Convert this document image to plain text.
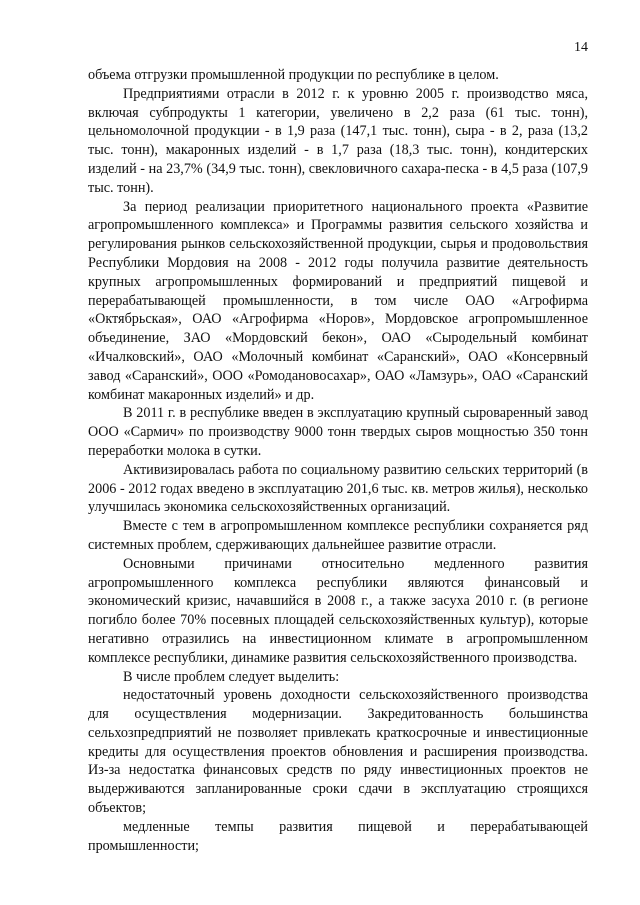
14

объема отгрузки промышленной продукции по республике в целом.

Предприятиями отрасли в 2012 г. к уровню 2005 г. производство мяса, включая субпродукты 1 категории, увеличено в 2,2 раза (61 тыс. тонн), цельномолочной продукции - в 1,9 раза (147,1 тыс. тонн), сыра - в 2, раза (13,2 тыс. тонн), макаронных изделий - в 1,7 раза (18,3 тыс. тонн), кондитерских изделий - на 23,7% (34,9 тыс. тонн), свекловичного сахара-песка - в 4,5 раза (107,9 тыс. тонн).

За период реализации приоритетного национального проекта «Развитие агропромышленного комплекса» и Программы развития сельского хозяйства и регулирования рынков сельскохозяйственной продукции, сырья и продовольствия Республики Мордовия на 2008 - 2012 годы получила развитие деятельность крупных агропромышленных формирований и предприятий пищевой и перерабатывающей промышленности, в том числе ОАО «Агрофирма «Октябрьская», ОАО «Агрофирма «Норов», Мордовское агропромышленное объединение, ЗАО «Мордовский бекон», ОАО «Сыродельный комбинат «Ичалковский», ОАО «Молочный комбинат «Саранский», ОАО «Консервный завод «Саранский», ООО «Ромодановосахар», ОАО «Ламзурь», ОАО «Саранский комбинат макаронных изделий» и др.

В 2011 г. в республике введен в эксплуатацию крупный сыроваренный завод ООО «Сармич» по производству 9000 тонн твердых сыров мощностью 350 тонн переработки молока в сутки.

Активизировалась работа по социальному развитию сельских территорий (в 2006 - 2012 годах введено в эксплуатацию 201,6 тыс. кв. метров жилья), несколько улучшилась экономика сельскохозяйственных организаций.

Вместе с тем в агропромышленном комплексе республики сохраняется ряд системных проблем, сдерживающих дальнейшее развитие отрасли.

Основными причинами относительно медленного развития агропромышленного комплекса республики являются финансовый и экономический кризис, начавшийся в 2008 г., а также засуха 2010 г. (в регионе погибло более 70% посевных площадей сельскохозяйственных культур), которые негативно отразились на инвестиционном климате в агропромышленном комплексе республики, динамике развития сельскохозяйственного производства.

В числе проблем следует выделить:

недостаточный уровень доходности сельскохозяйственного производства для осуществления модернизации. Закредитованность большинства сельхозпредприятий не позволяет привлекать краткосрочные и инвестиционные кредиты для осуществления проектов обновления и расширения производства. Из-за недостатка финансовых средств по ряду инвестиционных проектов не выдерживаются запланированные сроки сдачи в эксплуатацию строящихся объектов;

медленные темпы развития пищевой и перерабатывающей промышленности;
